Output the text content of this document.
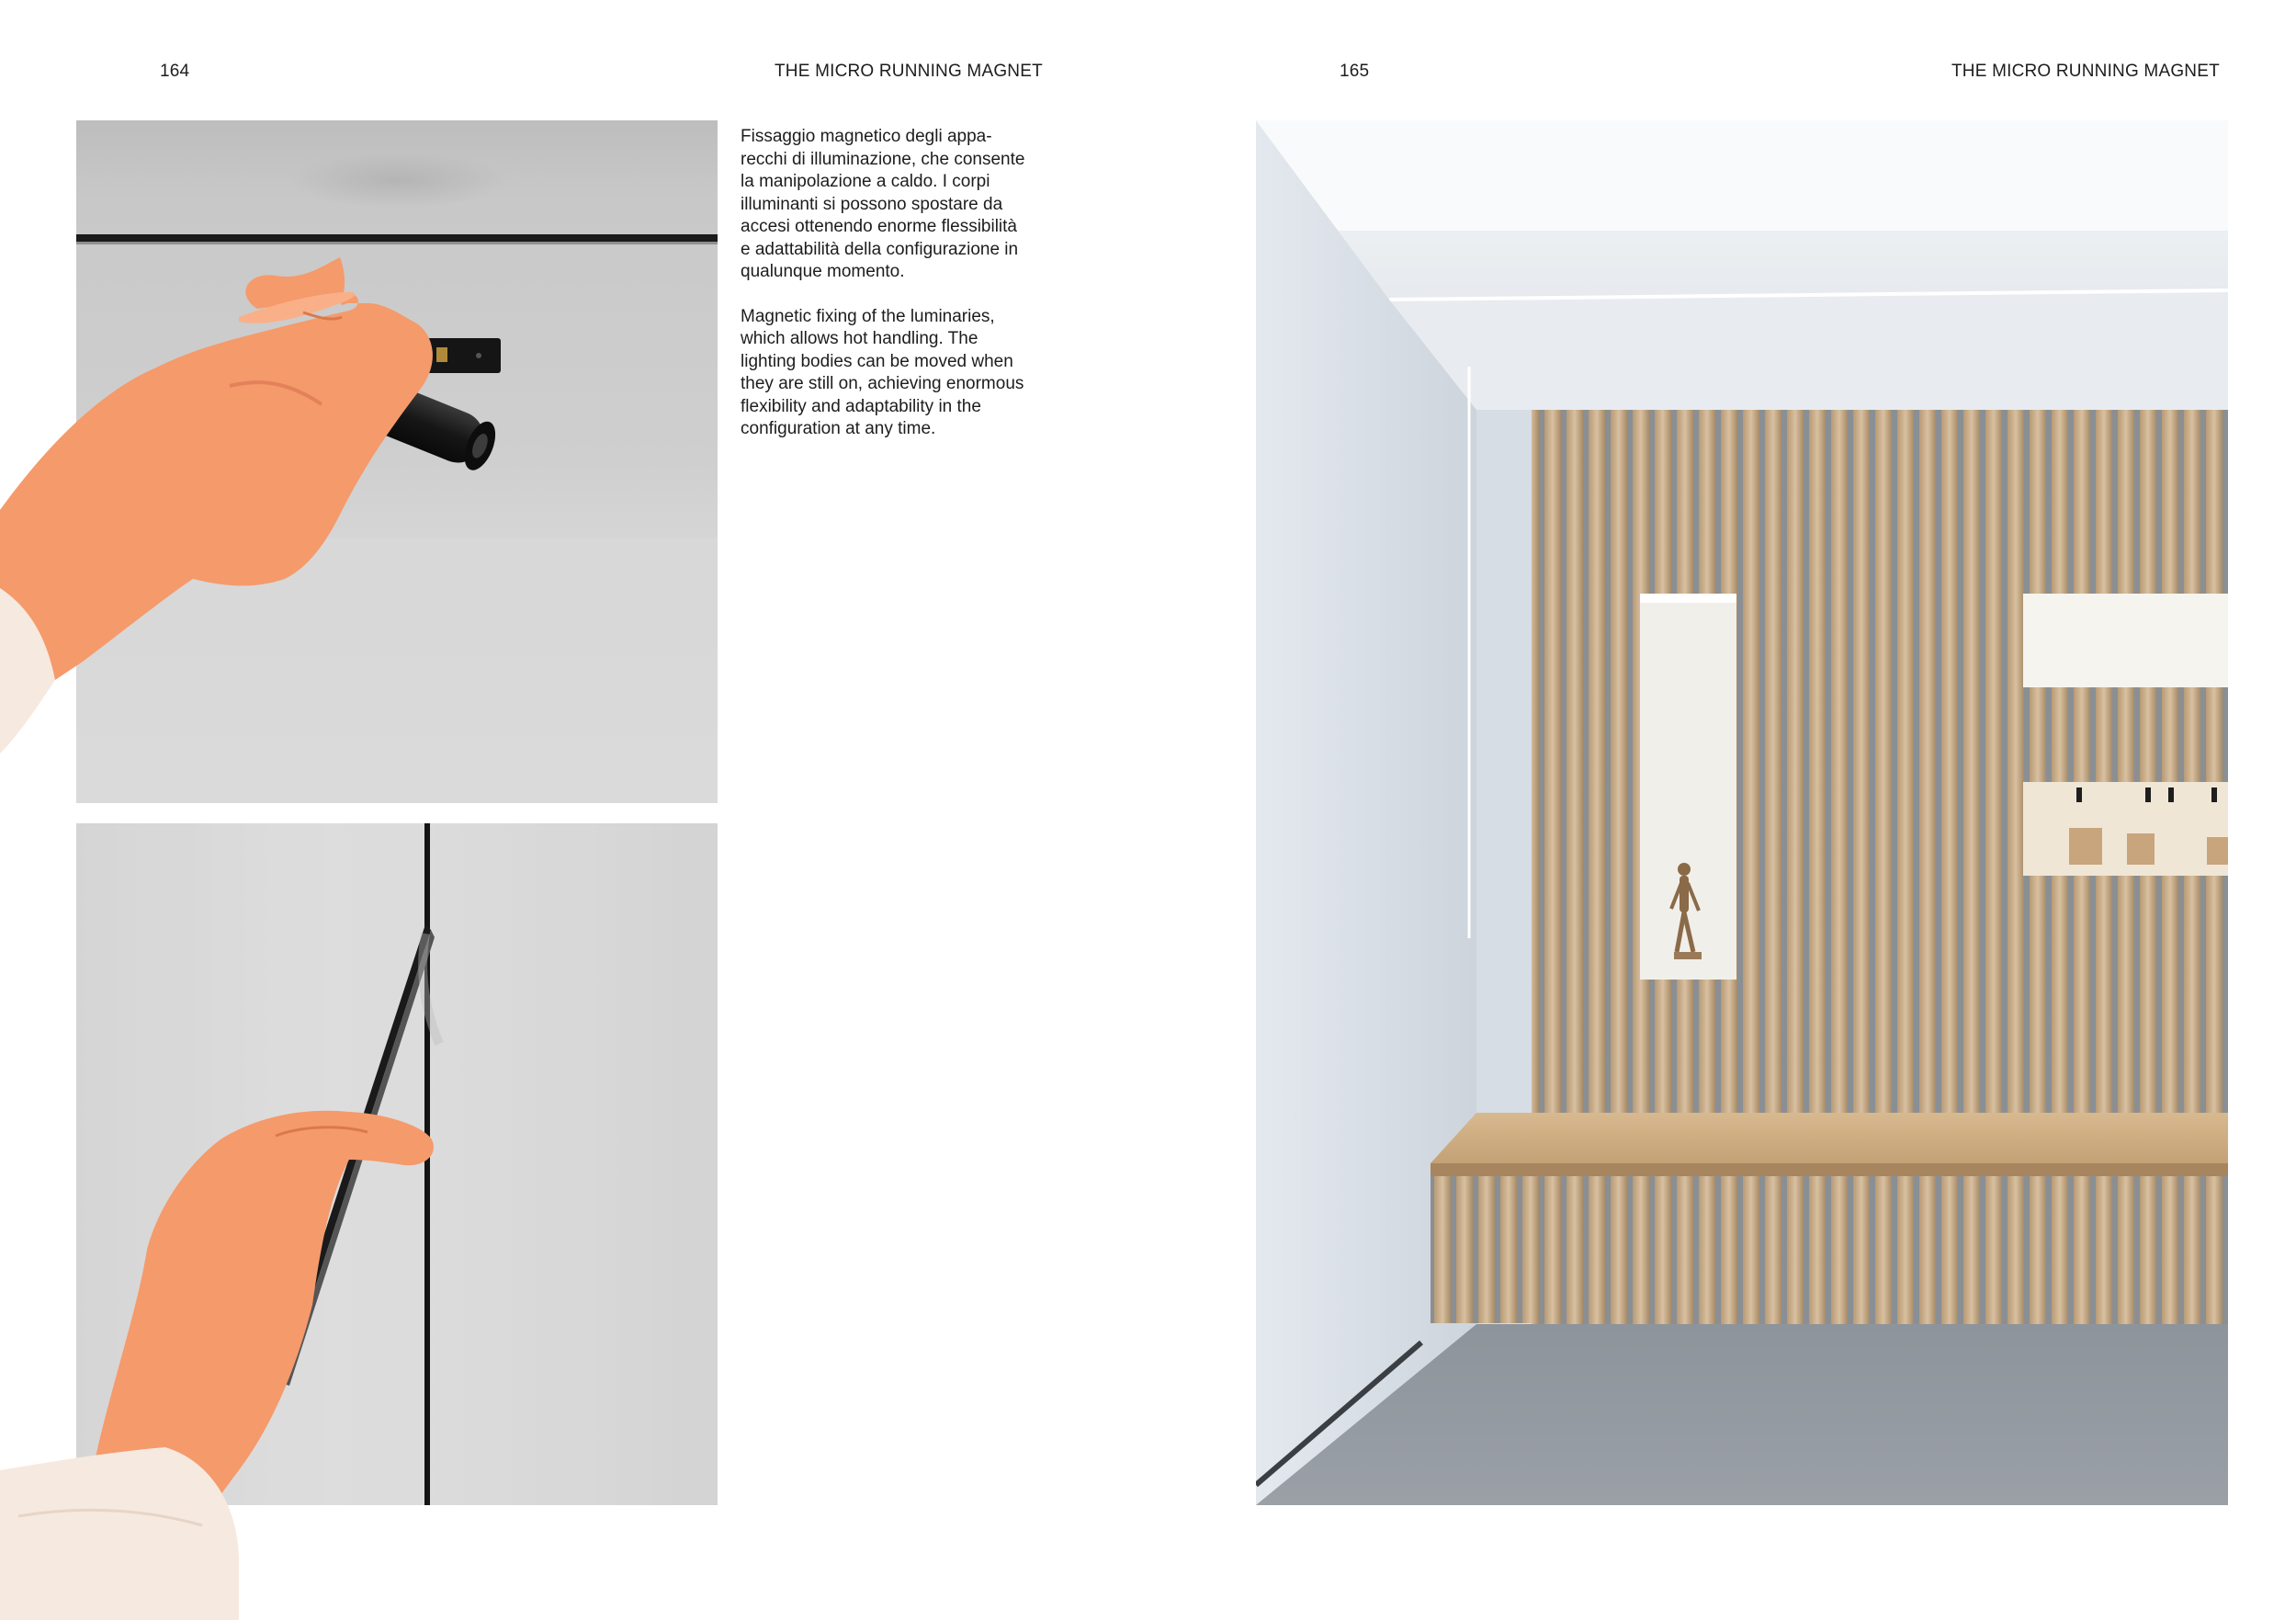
164	THE MICRO RUNNING MAGNET	165	THE MICRO RUNNING MAGNET

Fissaggio magnetico degli appa-
recchi di illuminazione, che consente
la manipolazione a caldo. I corpi
illuminanti si possono spostare da
accesi ottenendo enorme flessibilità
e adattabilità della configurazione in
qualunque momento.

Magnetic fixing of the luminaries,
which allows hot handling. The
lighting bodies can be moved when
they are still on, achieving enormous
flexibility and adaptability in the
configuration at any time.
